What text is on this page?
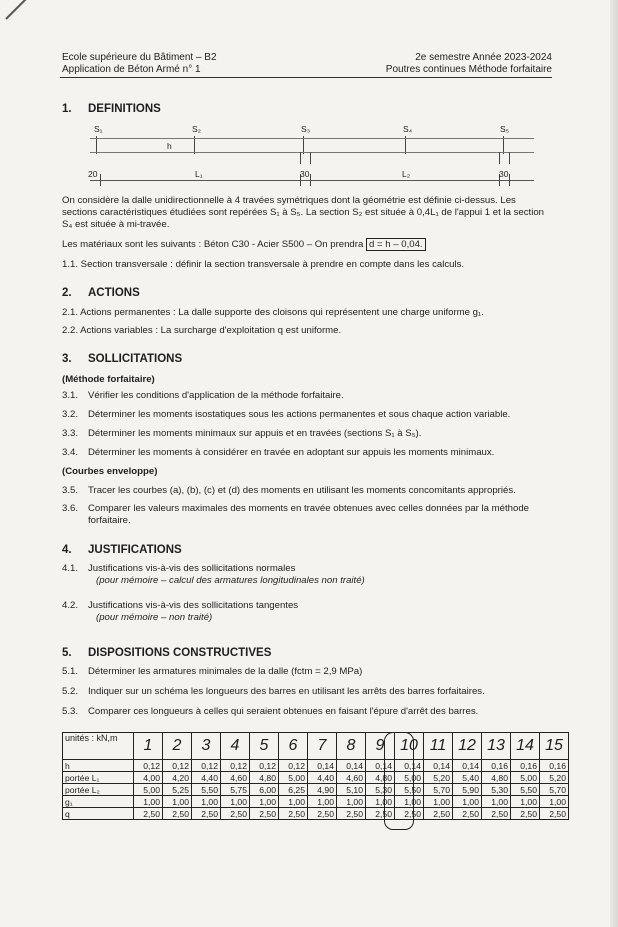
Ecole supérieure du Bâtiment – B2
Application de Béton Armé n° 1
2e semestre Année 2023-2024
Poutres continues Méthode forfaitaire
1. DEFINITIONS
S₁	S₂	S₃	S₄	S₅
h
20	L₁	30	L₂	30
On considère la dalle unidirectionnelle à 4 travées symétriques dont la géométrie est définie ci-dessus. Les sections caractéristiques étudiées sont repérées S₁ à S₅. La section S₂ est située à 0,4L₁ de l'appui 1 et la section S₄ est située à mi-travée.
Les matériaux sont les suivants : Béton C30 - Acier S500 – On prendra d = h – 0,04.
1.1. Section transversale : définir la section transversale à prendre en compte dans les calculs.
2. ACTIONS
2.1. Actions permanentes : La dalle supporte des cloisons qui représentent une charge uniforme g₁.
2.2. Actions variables : La surcharge d'exploitation q est uniforme.
3. SOLLICITATIONS
(Méthode forfaitaire)
3.1. Vérifier les conditions d'application de la méthode forfaitaire.
3.2. Déterminer les moments isostatiques sous les actions permanentes et sous chaque action variable.
3.3. Déterminer les moments minimaux sur appuis et en travées (sections S₁ à S₅).
3.4. Déterminer les moments à considérer en travée en adoptant sur appuis les moments minimaux.
(Courbes enveloppe)
3.5. Tracer les courbes (a), (b), (c) et (d) des moments en utilisant les moments concomitants appropriés.
3.6.	Comparer les valeurs maximales des moments en travée obtenues avec celles données par la méthode forfaitaire.
4. JUSTIFICATIONS
4.1. Justifications vis-à-vis des sollicitations normales
(pour mémoire – calcul des armatures longitudinales non traité)
4.2. Justifications vis-à-vis des sollicitations tangentes
(pour mémoire – non traité)
5. DISPOSITIONS CONSTRUCTIVES
5.1. Déterminer les armatures minimales de la dalle (fctm = 2,9 MPa)
5.2. Indiquer sur un schéma les longueurs des barres en utilisant les arrêts des barres forfaitaires.
5.3. Comparer ces longueurs à celles qui seraient obtenues en faisant l'épure d'arrêt des barres.
unités : kN,m	1	2	3	4	5	6	7	8	9	10	11	12	13	14	15
h	0,12	0,12	0,12	0,12	0,12	0,12	0,14	0,14	0,14	0,14	0,14	0,14	0,16	0,16	0,16
portée L₁	4,00	4,20	4,40	4,60	4,80	5,00	4,40	4,60	4,80	5,00	5,20	5,40	4,80	5,00	5,20
portée L₂	5,00	5,25	5,50	5,75	6,00	6,25	4,90	5,10	5,30	5,50	5,70	5,90	5,30	5,50	5,70
g₁	1,00	1,00	1,00	1,00	1,00	1,00	1,00	1,00	1,00	1,00	1,00	1,00	1,00	1,00	1,00
q	2,50	2,50	2,50	2,50	2,50	2,50	2,50	2,50	2,50	2,50	2,50	2,50	2,50	2,50	2,50
